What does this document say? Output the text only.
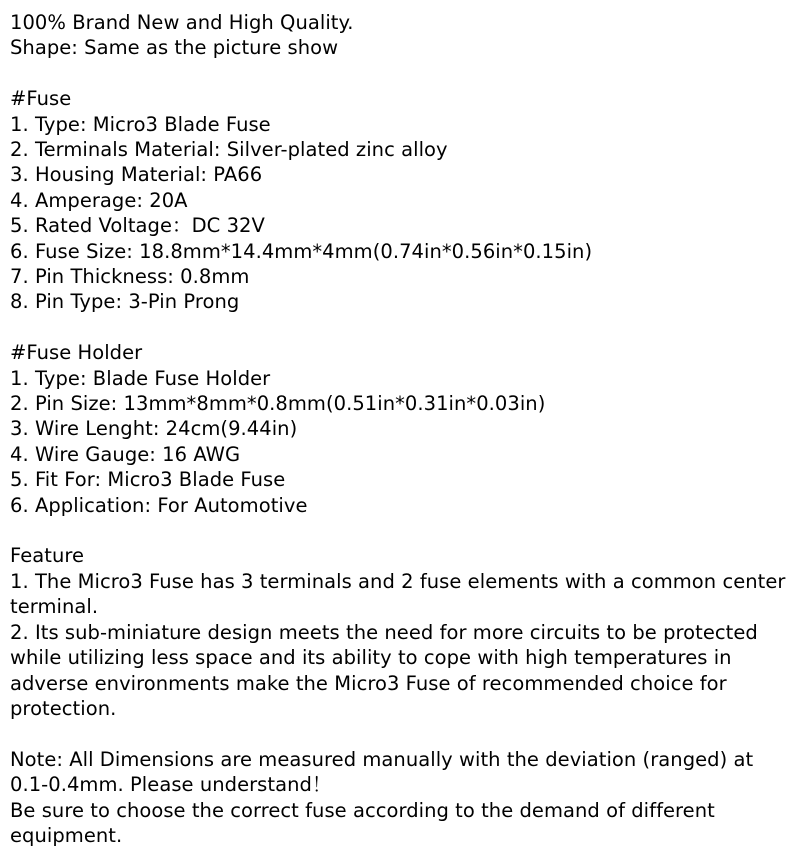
100% Brand New and High Quality.
Shape: Same as the picture show
#Fuse
1. Type: Micro3 Blade Fuse
2. Terminals Material: Silver-plated zinc alloy
3. Housing Material: PA66
4. Amperage: 20A
5. Rated Voltage：DC 32V
6. Fuse Size: 18.8mm*14.4mm*4mm(0.74in*0.56in*0.15in)
7. Pin Thickness: 0.8mm
8. Pin Type: 3-Pin Prong
#Fuse Holder
1. Type: Blade Fuse Holder
2. Pin Size: 13mm*8mm*0.8mm(0.51in*0.31in*0.03in)
3. Wire Lenght: 24cm(9.44in)
4. Wire Gauge: 16 AWG
5. Fit For: Micro3 Blade Fuse
6. Application: For Automotive
Feature
1. The Micro3 Fuse has 3 terminals and 2 fuse elements with a common center terminal.
2. Its sub-miniature design meets the need for more circuits to be protected while utilizing less space and its ability to cope with high temperatures in adverse environments make the Micro3 Fuse of recommended choice for protection.
Note: All Dimensions are measured manually with the deviation (ranged) at 0.1-0.4mm. Please understand！
Be sure to choose the correct fuse according to the demand of different equipment.
